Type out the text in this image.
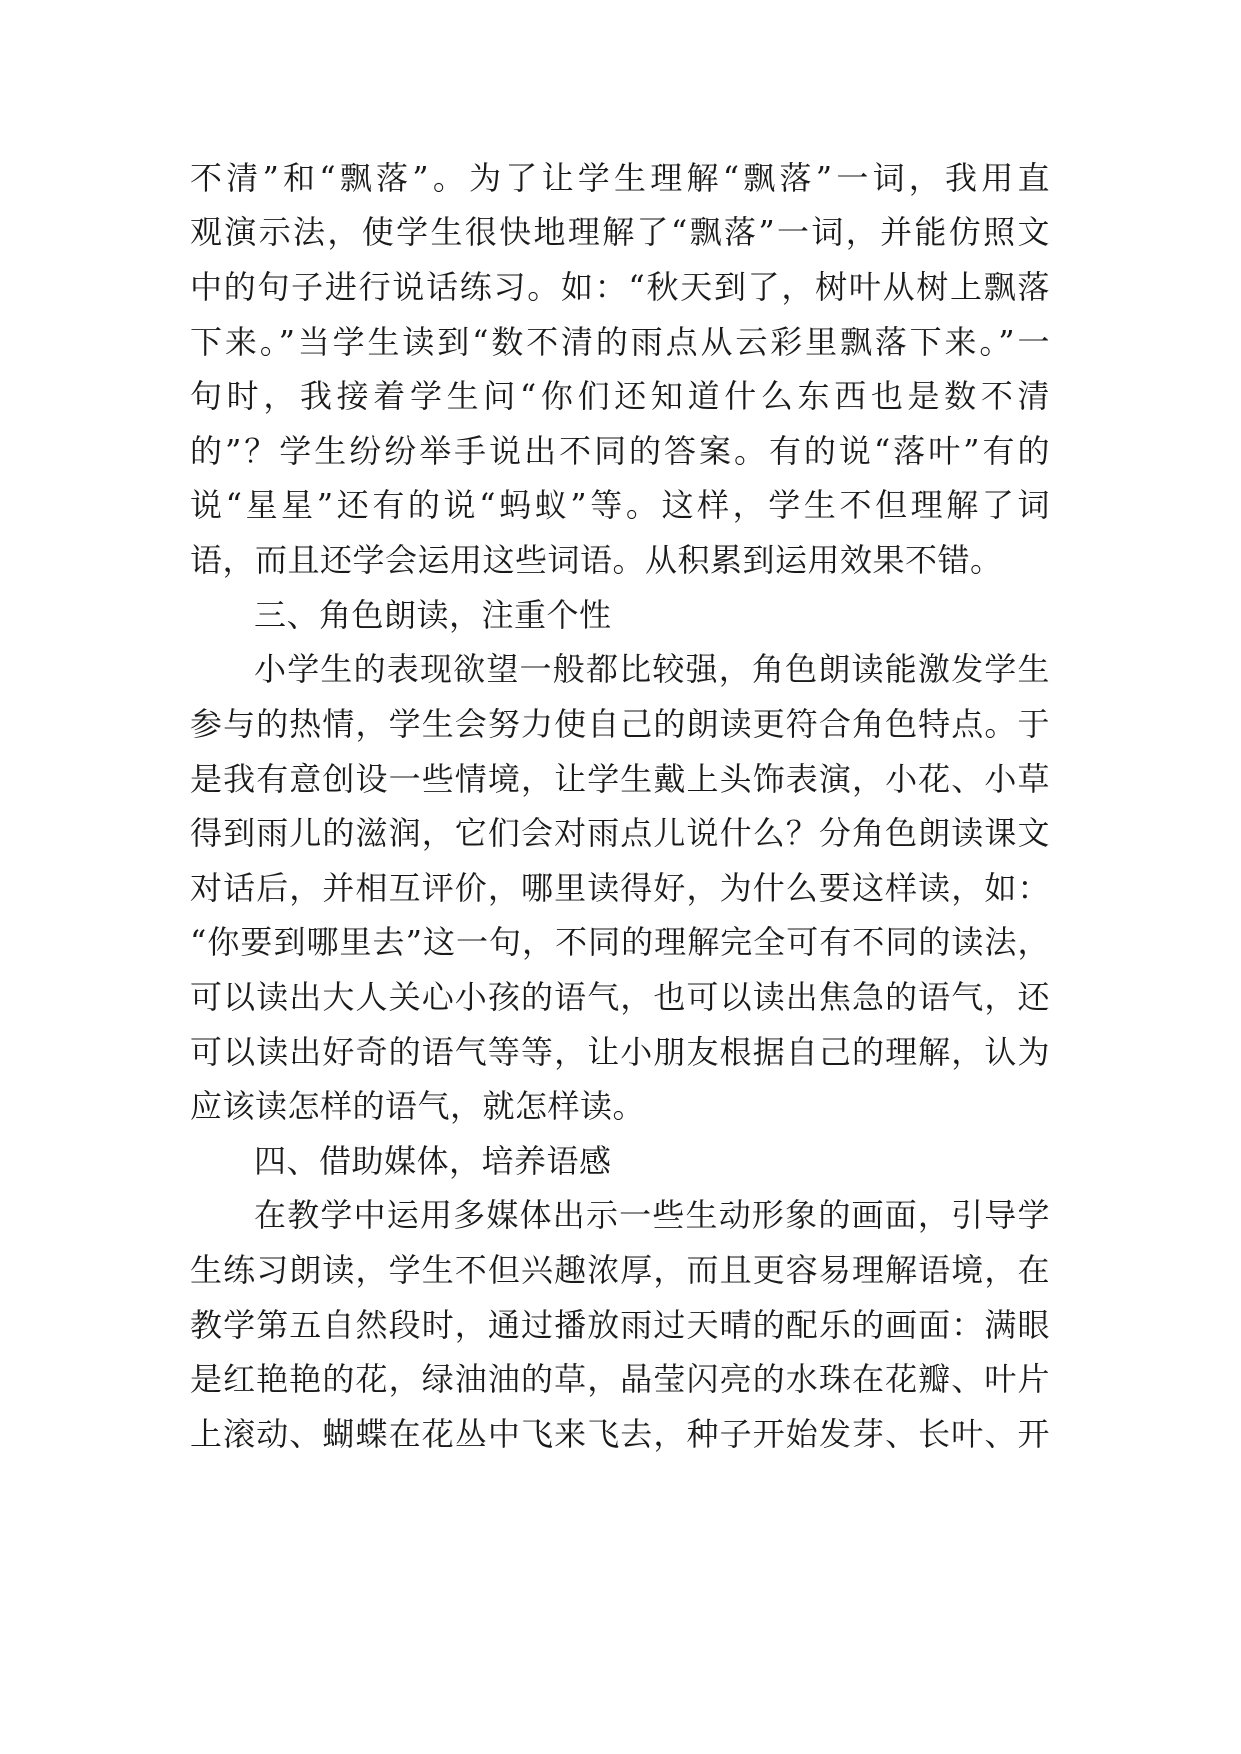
不清”和“飘落”。为了让学生理解“飘落”一词，我用直

观演示法，使学生很快地理解了“飘落”一词，并能仿照文

中的句子进行说话练习。如：“秋天到了，树叶从树上飘落

下来。”当学生读到“数不清的雨点从云彩里飘落下来。”一

句时，我接着学生问“你们还知道什么东西也是数不清

的”？学生纷纷举手说出不同的答案。有的说“落叶”有的

说“星星”还有的说“蚂蚁”等。这样，学生不但理解了词

语，而且还学会运用这些词语。从积累到运用效果不错。

三、角色朗读，注重个性

小学生的表现欲望一般都比较强，角色朗读能激发学生

参与的热情，学生会努力使自己的朗读更符合角色特点。于

是我有意创设一些情境，让学生戴上头饰表演，小花、小草

得到雨儿的滋润，它们会对雨点儿说什么？分角色朗读课文

对话后，并相互评价，哪里读得好，为什么要这样读，如：

“你要到哪里去”这一句，不同的理解完全可有不同的读法，

可以读出大人关心小孩的语气，也可以读出焦急的语气，还

可以读出好奇的语气等等，让小朋友根据自己的理解，认为

应该读怎样的语气，就怎样读。

四、借助媒体，培养语感

在教学中运用多媒体出示一些生动形象的画面，引导学

生练习朗读，学生不但兴趣浓厚，而且更容易理解语境，在

教学第五自然段时，通过播放雨过天晴的配乐的画面：满眼

是红艳艳的花，绿油油的草，晶莹闪亮的水珠在花瓣、叶片

上滚动、蝴蝶在花丛中飞来飞去，种子开始发芽、长叶、开
